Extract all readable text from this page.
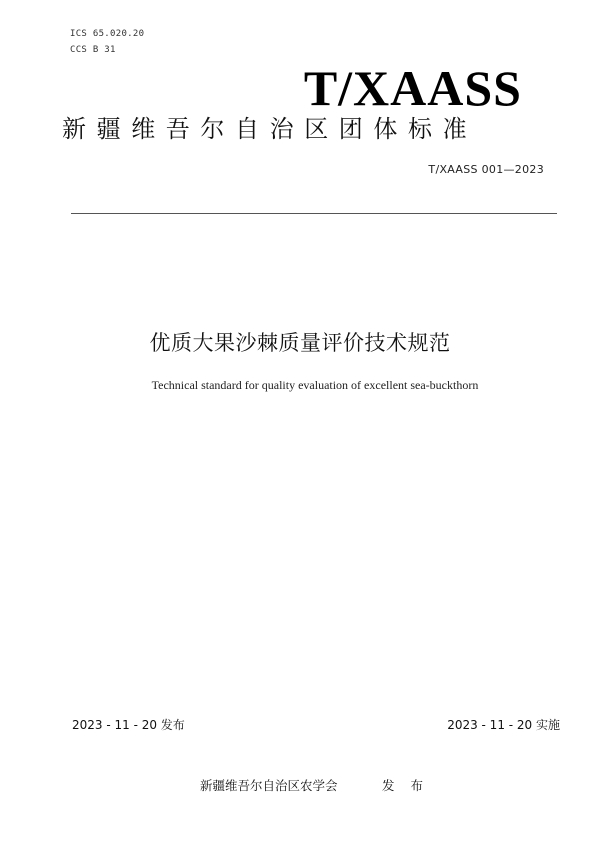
ICS 65.020.20
CCS B 31
T/XAASS
新疆维吾尔自治区团体标准
T/XAASS 001—2023
优质大果沙棘质量评价技术规范
Technical standard for quality evaluation of excellent sea-buckthorn
2023 - 11 - 20 发布	2023 - 11 - 20 实施
新疆维吾尔自治区农学会	发 布
